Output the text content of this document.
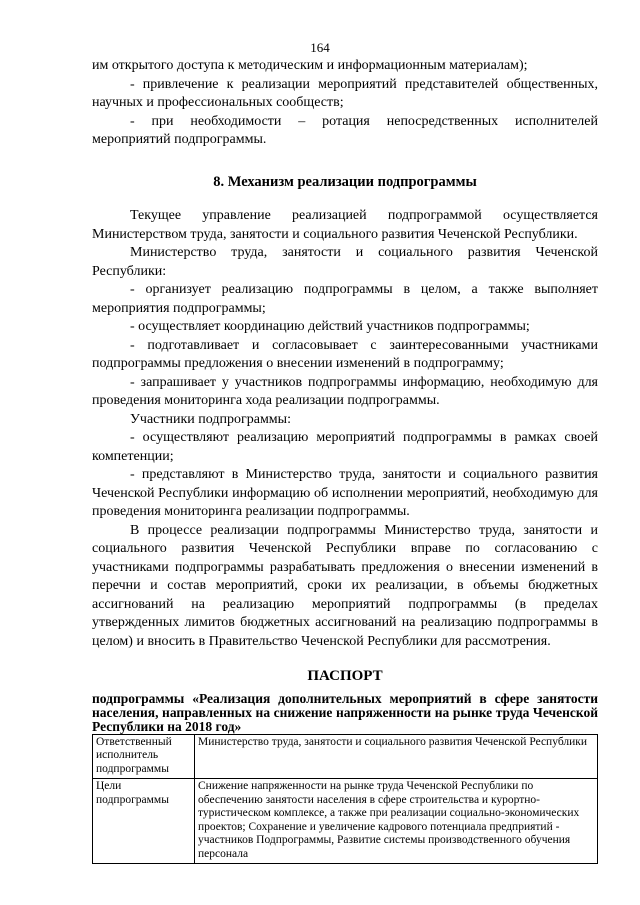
164

им открытого доступа к методическим и информационным материалам);

- привлечение к реализации мероприятий представителей общественных, научных и профессиональных сообществ;

- при необходимости – ротация непосредственных исполнителей мероприятий подпрограммы.

8. Механизм реализации подпрограммы

Текущее управление реализацией подпрограммой осуществляется Министерством труда, занятости и социального развития Чеченской Республики.

Министерство труда, занятости и социального развития Чеченской Республики:

- организует реализацию подпрограммы в целом, а также выполняет мероприятия подпрограммы;

- осуществляет координацию действий участников подпрограммы;

- подготавливает и согласовывает с заинтересованными участниками подпрограммы предложения о внесении изменений в подпрограмму;

- запрашивает у участников подпрограммы информацию, необходимую для проведения мониторинга хода реализации подпрограммы.

Участники подпрограммы:

- осуществляют реализацию мероприятий подпрограммы в рамках своей компетенции;

- представляют в Министерство труда, занятости и социального развития Чеченской Республики информацию об исполнении мероприятий, необходимую для проведения мониторинга реализации подпрограммы.

В процессе реализации подпрограммы Министерство труда, занятости и социального развития Чеченской Республики вправе по согласованию с участниками подпрограммы разрабатывать предложения о внесении изменений в перечни и состав мероприятий, сроки их реализации, в объемы бюджетных ассигнований на реализацию мероприятий подпрограммы (в пределах утвержденных лимитов бюджетных ассигнований на реализацию подпрограммы в целом) и вносить в Правительство Чеченской Республики для рассмотрения.

ПАСПОРТ

подпрограммы «Реализация дополнительных мероприятий в сфере занятости населения, направленных на снижение напряженности на рынке труда Чеченской Республики на 2018 год»

Ответственный исполнитель подпрограммы	Министерство труда, занятости и социального развития Чеченской Республики
Цели подпрограммы	Снижение напряженности на рынке труда Чеченской Республики по обеспечению занятости населения в сфере строительства и курортно-туристическом комплексе, а также при реализации социально-экономических проектов; Сохранение и увеличение кадрового потенциала предприятий - участников Подпрограммы, Развитие системы производственного обучения персонала
